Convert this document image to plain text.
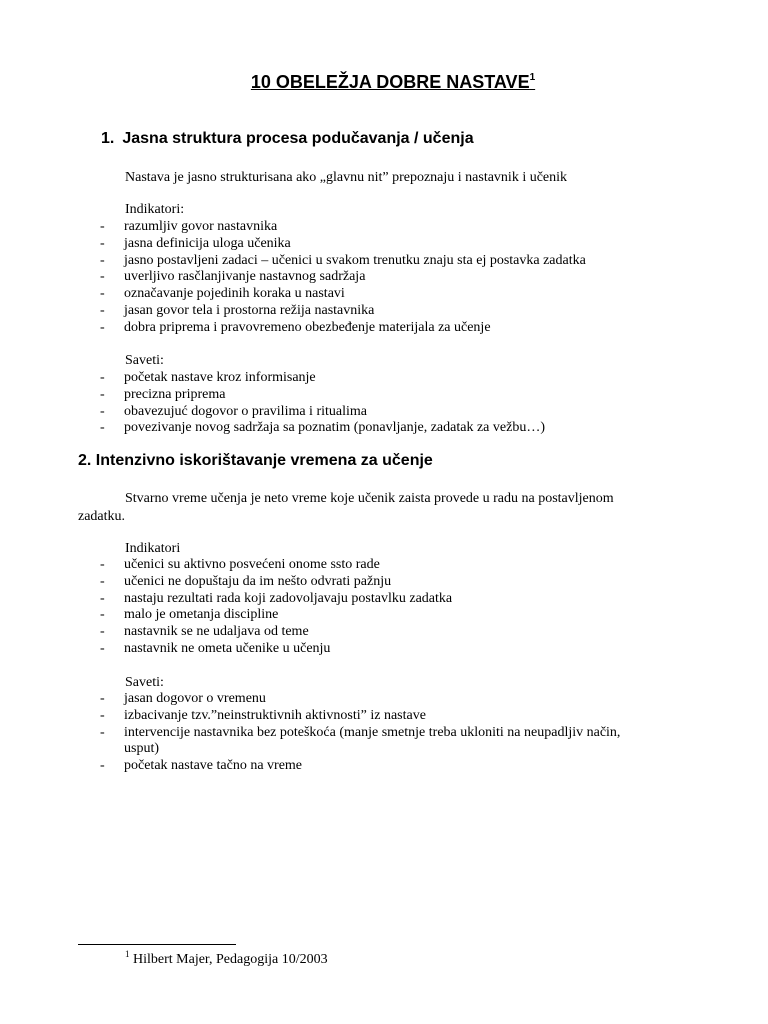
10 OBELEŽJA DOBRE NASTAVE$^1$
1. Jasna struktura procesa podučavanja / učenja
Nastava je jasno strukturisana ako „glavnu nit” prepoznaju i nastavnik i učenik
Indikatori:
- razumljiv govor nastavnika
- jasna definicija uloga učenika
- jasno postavljeni zadaci – učenici u svakom trenutku znaju sta ej postavka zadatka
- uverljivo rasčlanjivanje nastavnog sadržaja
- označavanje pojedinih koraka u nastavi
- jasan govor tela i prostorna režija nastavnika
- dobra priprema i pravovremeno obezbeđenje materijala za učenje
Saveti:
- početak nastave kroz informisanje
- precizna priprema
- obavezujuć dogovor o pravilima i ritualima
- povezivanje novog sadržaja sa poznatim (ponavljanje, zadatak za vežbu…)
2. Intenzivno iskorištavanje vremena za učenje
Stvarno vreme učenja je neto vreme koje učenik zaista provede u radu na postavljenom
zadatku.
Indikatori
- učenici su aktivno posvećeni onome ssto rade
- učenici ne dopuštaju da im nešto odvrati pažnju
- nastaju rezultati rada koji zadovoljavaju postavlku zadatka
- malo je ometanja discipline
- nastavnik se ne udaljava od teme
- nastavnik ne ometa učenike u učenju
Saveti:
- jasan dogovor o vremenu
- izbacivanje tzv.”neinstruktivnih aktivnosti” iz nastave
- intervencije nastavnika bez poteškoća (manje smetnje treba ukloniti na neupadljiv način,
usput)
- početak nastave tačno na vreme
$^1$ Hilbert Majer, Pedagogija 10/2003
